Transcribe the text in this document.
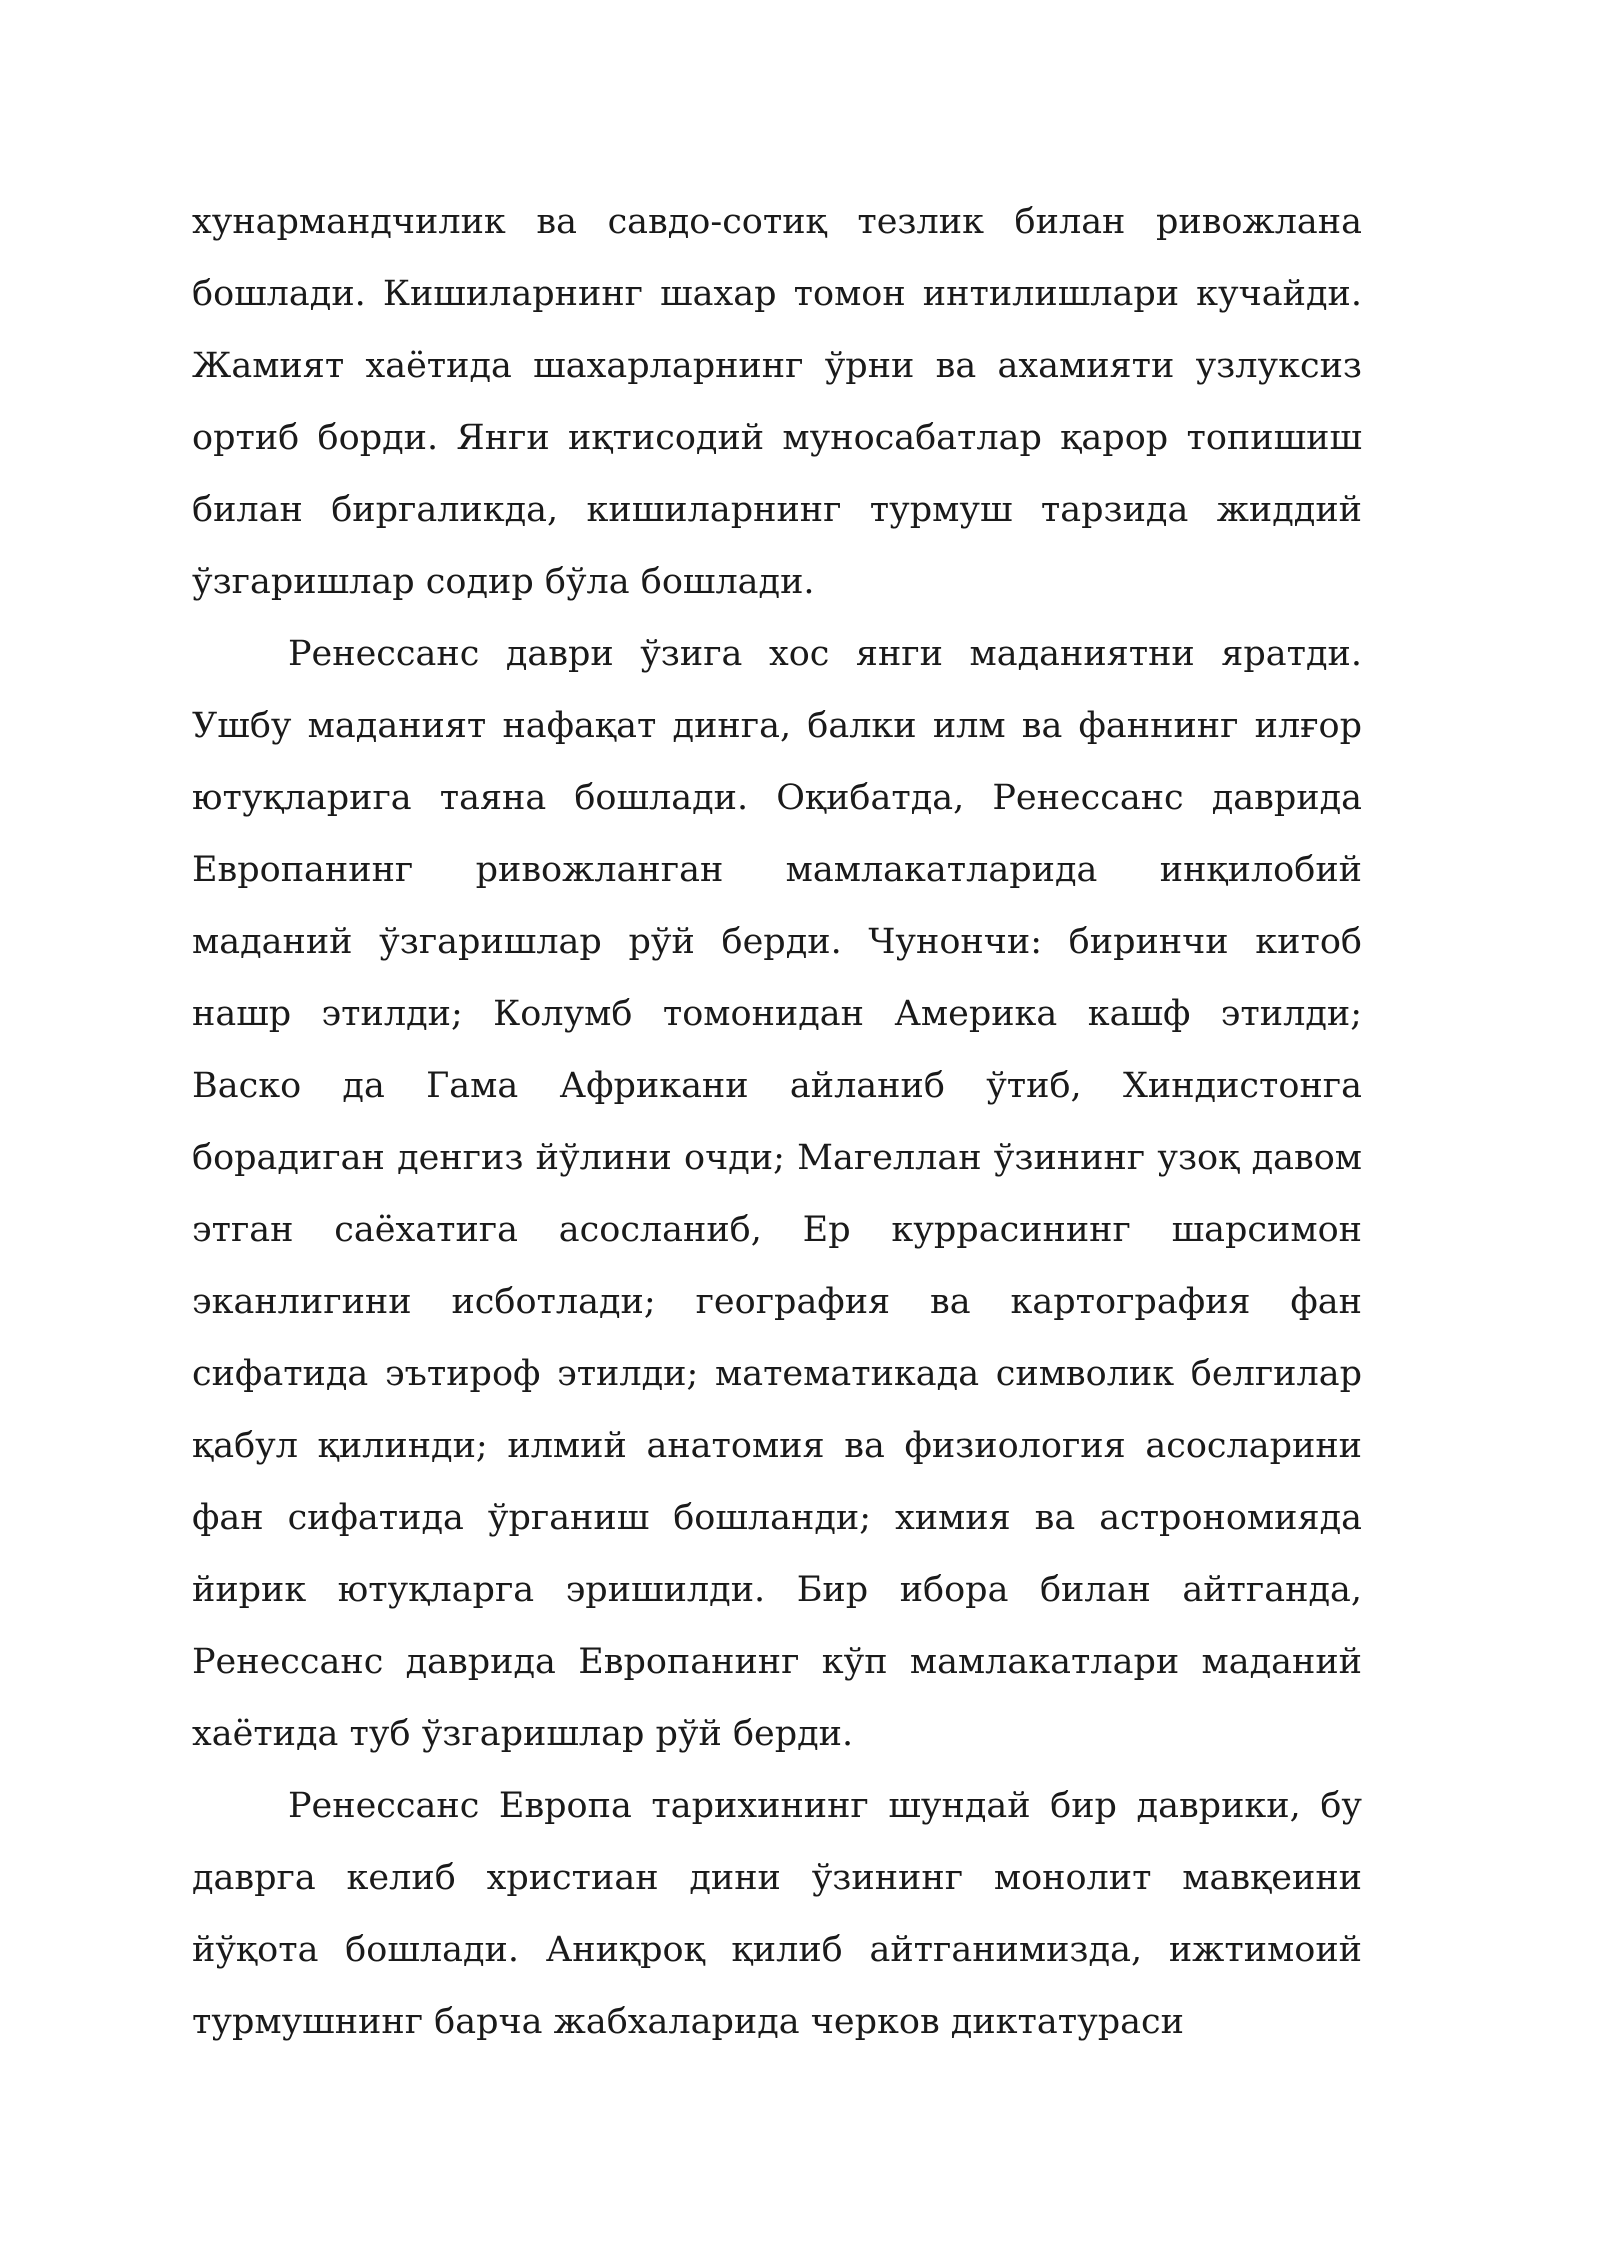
хунармандчилик ва савдо-сотиқ тезлик билан ривожлана бошлади. Кишиларнинг шахар томон интилишлари кучайди. Жамият хаётида шахарларнинг ўрни ва ахамияти узлуксиз ортиб борди. Янги иқтисодий муносабатлар қарор топишиш билан биргаликда, кишиларнинг турмуш тарзида жиддий ўзгаришлар содир бўла бошлади.

Ренессанс даври ўзига хос янги маданиятни яратди. Ушбу маданият нафақат динга, балки илм ва фаннинг илғор ютуқларига таяна бошлади. Оқибатда, Ренессанс даврида Европанинг ривожланган мамлакатларида инқилобий маданий ўзгаришлар рўй берди. Чунончи: биринчи китоб нашр этилди; Колумб томонидан Америка кашф этилди; Васко да Гама Африкани айланиб ўтиб, Хиндистонга борадиган денгиз йўлини очди; Магеллан ўзининг узоқ давом этган саёхатига асосланиб, Ер куррасининг шарсимон эканлигини исботлади; география ва картография фан сифатида эътироф этилди; математикада символик белгилар қабул қилинди; илмий анатомия ва физиология асосларини фан сифатида ўрганиш бошланди; химия ва астрономияда йирик ютуқларга эришилди. Бир ибора билан айтганда, Ренессанс даврида Европанинг кўп мамлакатлари маданий хаётида туб ўзгаришлар рўй берди.

Ренессанс Европа тарихининг шундай бир даврики, бу даврга келиб христиан дини ўзининг монолит мавқеини йўқота бошлади. Аниқроқ қилиб айтганимизда, ижтимоий турмушнинг барча жабхаларида черков диктатураси
